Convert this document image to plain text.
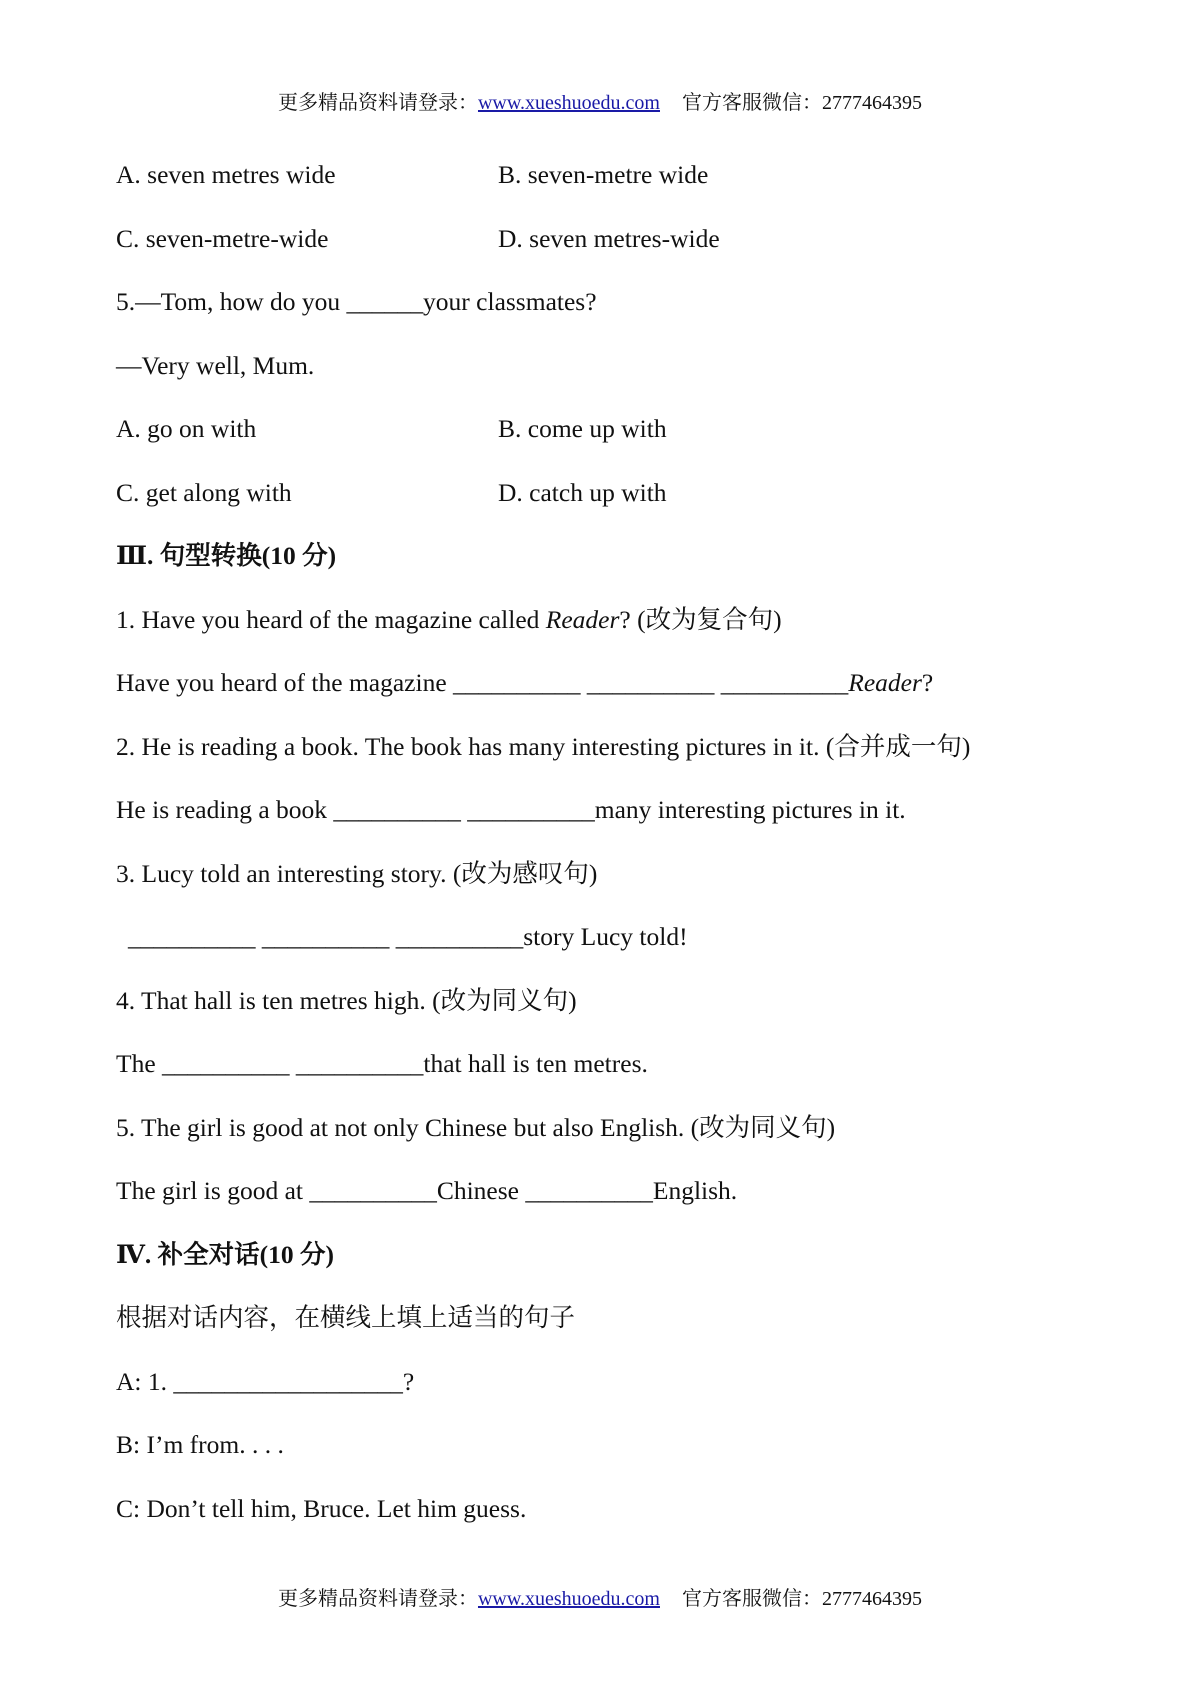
更多精品资料请登录：www.xueshuoedu.com 官方客服微信：2777464395
A. seven metres wide	B. seven-metre wide
C. seven-metre-wide	D. seven metres-wide
5.—Tom, how do you ______your classmates?
—Very well, Mum.
A. go on with	B. come up with
C. get along with	D. catch up with
Ⅲ. 句型转换(10 分)
1. Have you heard of the magazine called Reader? (改为复合句)
Have you heard of the magazine __________ __________ __________Reader?
2. He is reading a book. The book has many interesting pictures in it. (合并成一句)
He is reading a book __________ __________many interesting pictures in it.
3. Lucy told an interesting story. (改为感叹句)
__________ __________ __________story Lucy told!
4. That hall is ten metres high. (改为同义句)
The __________ __________that hall is ten metres.
5. The girl is good at not only Chinese but also English. (改为同义句)
The girl is good at __________Chinese __________English.
Ⅳ. 补全对话(10 分)
根据对话内容，在横线上填上适当的句子
A: 1. __________________?
B: I’m from. . . .
C: Don’t tell him, Bruce. Let him guess.
更多精品资料请登录：www.xueshuoedu.com 官方客服微信：2777464395
